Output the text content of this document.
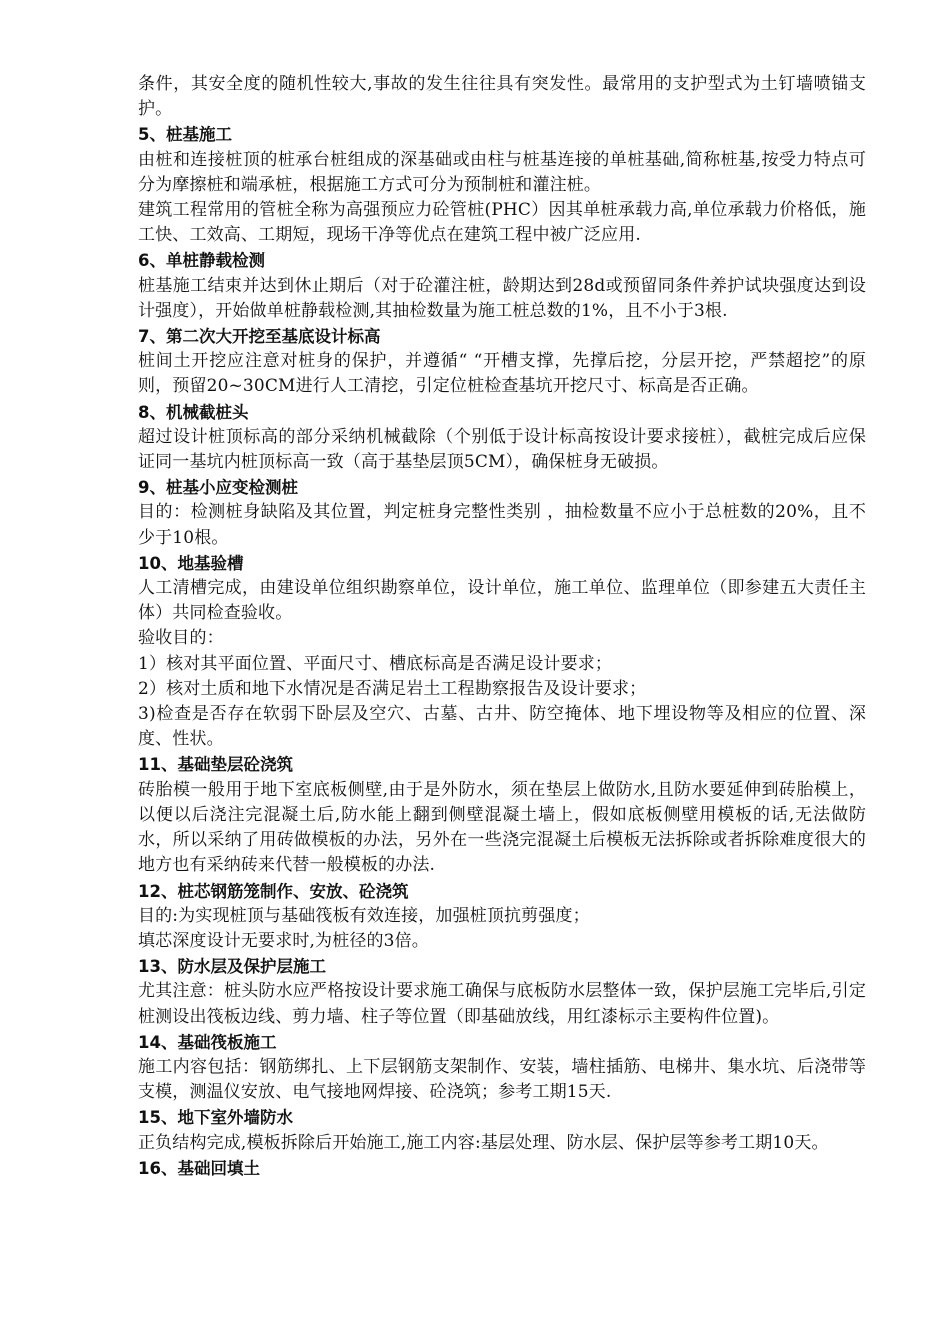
条件，其安全度的随机性较大,事故的发生往往具有突发性。最常用的支护型式为土钉墙喷锚支护。

5、桩基施工

由桩和连接桩顶的桩承台桩组成的深基础或由柱与桩基连接的单桩基础,简称桩基,按受力特点可分为摩擦桩和端承桩，根据施工方式可分为预制桩和灌注桩。

建筑工程常用的管桩全称为高强预应力砼管桩(PHC）因其单桩承载力高,单位承载力价格低，施工快、工效高、工期短，现场干净等优点在建筑工程中被广泛应用.

6、单桩静载检测

桩基施工结束并达到休止期后（对于砼灌注桩，龄期达到28d或预留同条件养护试块强度达到设计强度），开始做单桩静载检测,其抽检数量为施工桩总数的1%，且不小于3根.

7、第二次大开挖至基底设计标高

桩间土开挖应注意对桩身的保护，并遵循“ “开槽支撑，先撑后挖，分层开挖，严禁超挖”的原则，预留20~30CM进行人工清挖，引定位桩检查基坑开挖尺寸、标高是否正确。

8、机械截桩头

超过设计桩顶标高的部分采纳机械截除（个别低于设计标高按设计要求接桩），截桩完成后应保证同一基坑内桩顶标高一致（高于基垫层顶5CM），确保桩身无破损。

9、桩基小应变检测桩

目的：检测桩身缺陷及其位置，判定桩身完整性类别 ，抽检数量不应小于总桩数的20%，且不少于10根。

10、地基验槽

人工清槽完成，由建设单位组织勘察单位，设计单位，施工单位、监理单位（即参建五大责任主体）共同检查验收。

验收目的：

1）核对其平面位置、平面尺寸、槽底标高是否满足设计要求；

2）核对土质和地下水情况是否满足岩土工程勘察报告及设计要求；

3)检查是否存在软弱下卧层及空穴、古墓、古井、防空掩体、地下埋设物等及相应的位置、深度、性状。

11、基础垫层砼浇筑

砖胎模一般用于地下室底板侧壁,由于是外防水，须在垫层上做防水,且防水要延伸到砖胎模上，以便以后浇注完混凝土后,防水能上翻到侧壁混凝土墙上，假如底板侧壁用模板的话,无法做防水，所以采纳了用砖做模板的办法，另外在一些浇完混凝土后模板无法拆除或者拆除难度很大的地方也有采纳砖来代替一般模板的办法.

12、桩芯钢筋笼制作、安放、砼浇筑

目的:为实现桩顶与基础筏板有效连接，加强桩顶抗剪强度；

填芯深度设计无要求时,为桩径的3倍。

13、防水层及保护层施工

尤其注意：桩头防水应严格按设计要求施工确保与底板防水层整体一致，保护层施工完毕后,引定桩测设出筏板边线、剪力墙、柱子等位置（即基础放线，用红漆标示主要构件位置)。

14、基础筏板施工

施工内容包括：钢筋绑扎、上下层钢筋支架制作、安装，墙柱插筋、电梯井、集水坑、后浇带等支模，测温仪安放、电气接地网焊接、砼浇筑；参考工期15天.

15、地下室外墙防水

正负结构完成,模板拆除后开始施工,施工内容:基层处理、防水层、保护层等参考工期10天。

16、基础回填土
